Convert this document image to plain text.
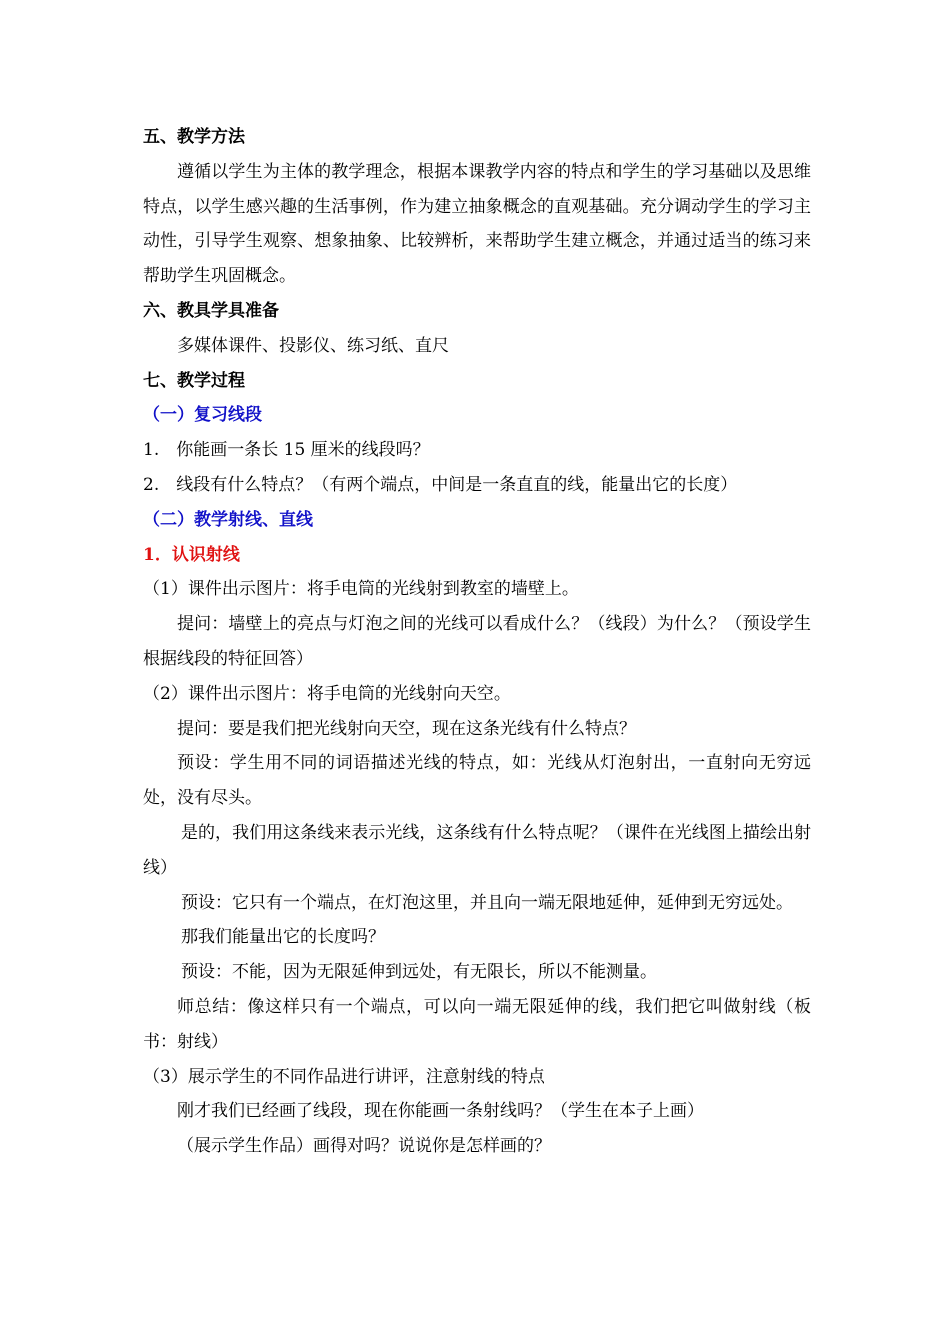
五、教学方法
遵循以学生为主体的教学理念，根据本课教学内容的特点和学生的学习基础以及思维特点，以学生感兴趣的生活事例，作为建立抽象概念的直观基础。充分调动学生的学习主动性，引导学生观察、想象抽象、比较辨析，来帮助学生建立概念，并通过适当的练习来帮助学生巩固概念。
六、教具学具准备
多媒体课件、投影仪、练习纸、直尺
七、教学过程
（一）复习线段
1.　你能画一条长 15 厘米的线段吗？
2.　线段有什么特点？（有两个端点，中间是一条直直的线，能量出它的长度）
（二）教学射线、直线
1．认识射线
（1）课件出示图片：将手电筒的光线射到教室的墙壁上。
提问：墙壁上的亮点与灯泡之间的光线可以看成什么？（线段）为什么？（预设学生根据线段的特征回答）
（2）课件出示图片：将手电筒的光线射向天空。
提问：要是我们把光线射向天空，现在这条光线有什么特点？
预设：学生用不同的词语描述光线的特点，如：光线从灯泡射出，一直射向无穷远处，没有尽头。
是的，我们用这条线来表示光线，这条线有什么特点呢？（课件在光线图上描绘出射线）
预设：它只有一个端点，在灯泡这里，并且向一端无限地延伸，延伸到无穷远处。
那我们能量出它的长度吗？
预设：不能，因为无限延伸到远处，有无限长，所以不能测量。
师总结：像这样只有一个端点，可以向一端无限延伸的线，我们把它叫做射线（板书：射线）
（3）展示学生的不同作品进行讲评，注意射线的特点
刚才我们已经画了线段，现在你能画一条射线吗？（学生在本子上画）
（展示学生作品）画得对吗？说说你是怎样画的？
